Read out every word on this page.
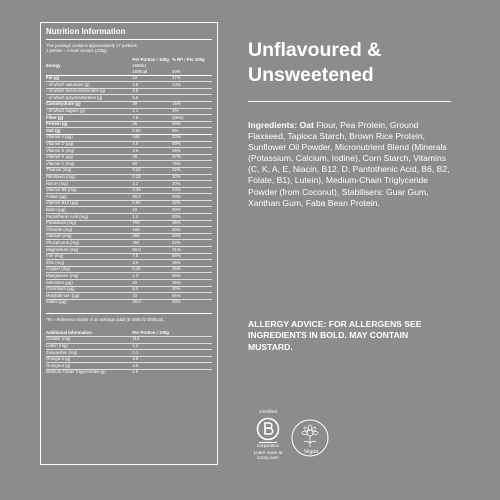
Nutrition Information
This package contains approximately 17 portions.
1 portion = 2 level scoops (100g)
	Per Portion / 100g	% RI* / Per 100g
Energy	1680kJ	
	400kcal	20%
Fat (g)	12	17%
- of which saturates (g)	2.5	13%
- of which monounsaturates (g)	2.8	
- of which polyunsaturates (g)	6.5	
Carbohydrate (g)	39	15%
- of which sugars (g)	1.1	1%
Fibre (g)	7.8	(26%)
Protein (g)	25	50%
Salt (g)	0.50	8%
Vitamin A (µg)	180	23%
Vitamin D (µg)	4.0	80%
Vitamin E (mg)	3.6	26%
Vitamin K (µg)	28	37%
Vitamin C (mg)	60	75%
Thiamin (mg)	0.24	22%
Riboflavin (mg)	0.28	20%
Niacin (mg)	3.2	20%
Vitamin B6 (mg)	0.34	24%
Folate (µg)	80.0	40%
Vitamin B12 (µg)	0.80	32%
Biotin (µg)	10	20%
Pantothenic Acid (mg)	1.2	20%
Potassium (mg)	700	35%
Chloride (mg)	160	20%
Calcium (mg)	260	33%
Phosphorus (mg)	364	52%
Magnesium (mg)	80.0	21%
Iron (mg)	7.8	56%
Zinc (mg)	3.6	36%
Copper (mg)	0.26	26%
Manganese (mg)	1.3	65%
Selenium (µg)	20	36%
Chromium (µg)	8.0	20%
Molybdenum (µg)	33	66%
Iodine (µg)	30.0	20%
*RI = Reference intake of an average adult (8 400kJ/2 000kcal).
Additional Information	Per Portion / 100g
Choline (mg)	114
Lutein (mg)	1.2
Zeaxanthin (mg)	0.1
Omega-3 (g)	3.6
Omega-6 (g)	3.0
Medium-Chain Triglycerides (g)	1.0
Unflavoured &
Unsweetened

Ingredients: Oat Flour, Pea Protein, Ground Flaxseed, Tapioca Starch, Brown Rice Protein, Sunflower Oil Powder, Micronutrient Blend (Minerals (Potassium, Calcium, Iodine), Corn Starch, Vitamins (C, K, A, E, Niacin, B12, D, Pantothenic Acid, B6, B2, Folate, B1), Lutein), Medium-Chain Triglyceride Powder (from Coconut), Stabilisers: Guar Gum, Xanthan Gum, Faba Bean Protein.

ALLERGY ADVICE: FOR ALLERGENS SEE INGREDIENTS IN BOLD. MAY CONTAIN MUSTARD.

Certified
Corporation
Learn more at
bcorp.com
Vegan
